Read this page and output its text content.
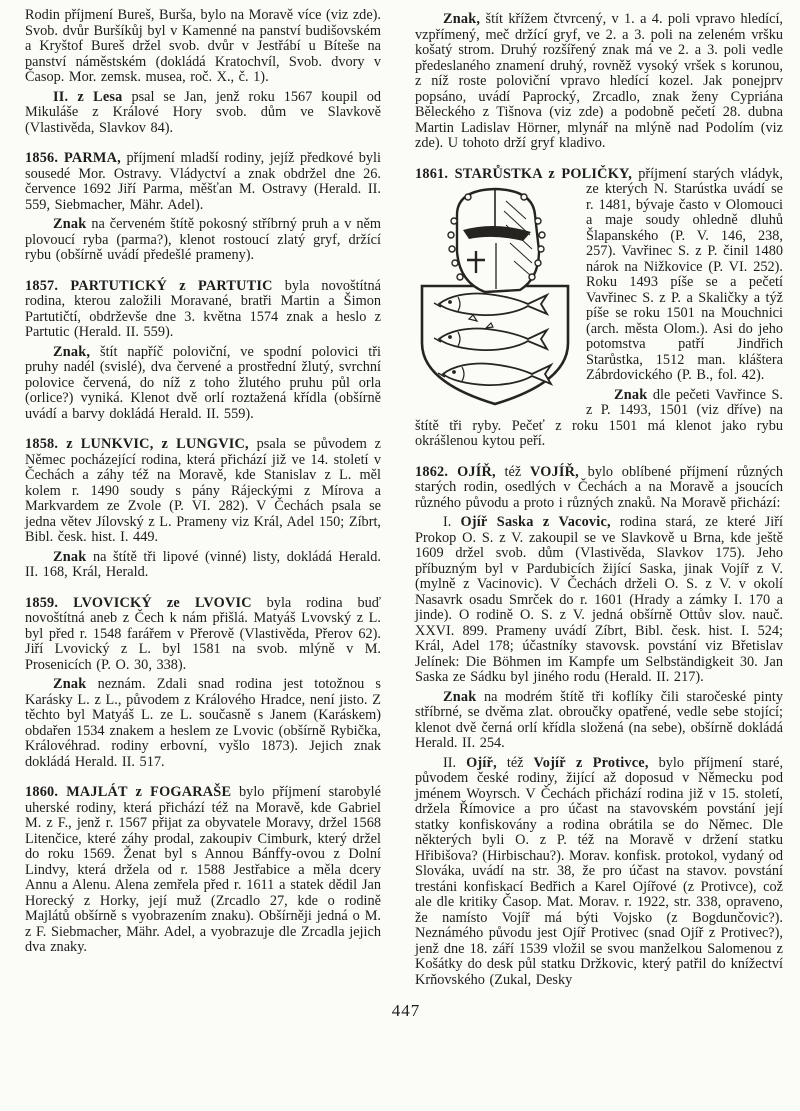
Rodin příjmení Bureš, Burša, bylo na Moravě více (viz zde). Svob. dvůr Buršíkůj byl v Kamenné na panství budišovském a Kryštof Bureš držel svob. dvůr v Jestřábí u Bíteše na panství náměstském (dokládá Kratochvíl, Svob. dvory v Časop. Mor. zemsk. musea, roč. X., č. 1).

II. z Lesa psal se Jan, jenž roku 1567 koupil od Mikuláše z Králové Hory svob. dům ve Slavkově (Vlastivěda, Slavkov 84).

1856. PARMA, příjmení mladší rodiny, jejíž předkové byli sousedé Mor. Ostravy. Vládyctví a znak obdržel dne 26. července 1692 Jiří Parma, měšťan M. Ostravy (Herald. II. 559, Siebmacher, Mähr. Adel).

Znak na červeném štítě pokosný stříbrný pruh a v něm plovoucí ryba (parma?), klenot rostoucí zlatý gryf, držící rybu (obšírně uvádí předešlé prameny).

1857. PARTUTICKÝ z PARTUTIC byla novoštítná rodina, kterou založili Moravané, bratři Martin a Šimon Partutičtí, obdrževše dne 3. května 1574 znak a heslo z Partutic (Herald. II. 559).

Znak, štít napříč poloviční, ve spodní polovici tři pruhy nadél (svislé), dva červené a prostřední žlutý, svrchní polovice červená, do níž z toho žlutého pruhu půl orla (orlice?) vyniká. Klenot dvě orlí roztažená křídla (obšírně uvádí a barvy dokládá Herald. II. 559).

1858. z LUNKVIC, z LUNGVIC, psala se původem z Němec pocházející rodina, která přichází již ve 14. století v Čechách a záhy též na Moravě, kde Stanislav z L. měl kolem r. 1490 soudy s pány Rájeckými z Mírova a Markvardem ze Zvole (P. VI. 282). V Čechách psala se jedna větev Jílovský z L. Prameny viz Král, Adel 150; Zíbrt, Bibl. česk. hist. I. 449.

Znak na štítě tři lipové (vinné) listy, dokládá Herald. II. 168, Král, Herald.

1859. LVOVICKÝ ze LVOVIC byla rodina buď novoštítná aneb z Čech k nám přišlá. Matyáš Lvovský z L. byl před r. 1548 farářem v Přerově (Vlastivěda, Přerov 62). Jiří Lvovický z L. byl 1581 na svob. mlýně v M. Prosenicích (P. O. 30, 338).

Znak neznám. Zdali snad rodina jest totožnou s Karásky L. z L., původem z Králového Hradce, není jisto. Z těchto byl Matyáš L. ze L. současně s Janem (Karáskem) obdařen 1534 znakem a heslem ze Lvovic (obšírně Rybička, Královéhrad. rodiny erbovní, vyšlo 1873). Jejich znak dokládá Herald. II. 517.

1860. MAJLÁT z FOGARAŠE bylo příjmení starobylé uherské rodiny, která přichází též na Moravě, kde Gabriel M. z F., jenž r. 1567 přijat za obyvatele Moravy, držel 1568 Litenčice, které záhy prodal, zakoupiv Cimburk, který držel do roku 1569. Ženat byl s Annou Bánffy-ovou z Dolní Lindvy, která držela od r. 1588 Jestřabice a měla dcery Annu a Alenu. Alena zemřela před r. 1611 a statek dědil Jan Horecký z Horky, její muž (Zrcadlo 27, kde o rodině Majlátů obšírně s vyobrazením znaku). Obšírněji jedná o M. z F. Siebmacher, Mähr. Adel, a vyobrazuje dle Zrcadla jejich dva znaky.

Znak, štít křížem čtvrcený, v 1. a 4. poli vpravo hledící, vzpřímený, meč držící gryf, ve 2. a 3. poli na zeleném vršku košatý strom. Druhý rozšířený znak má ve 2. a 3. poli vedle předeslaného znamení druhý, rovněž vysoký vršek s korunou, z níž roste poloviční vpravo hledící kozel. Jak ponejprv popsáno, uvádí Paprocký, Zrcadlo, znak ženy Cypriána Běleckého z Tišnova (viz zde) a podobně pečetí 28. dubna Martin Ladislav Hörner, mlynář na mlýně nad Podolím (viz zde). U tohoto drží gryf kladivo.

1861. STARŮSTKA z POLIČKY, příjmení starých
vládyk, ze kterých N. Starústka uvádí se r. 1481, bývaje často v Olomouci a maje soudy ohledně dluhů Šlapanského (P. V. 146, 238, 257). Vavřinec S. z P. činil 1480 nárok na Nižkovice (P. VI. 252). Roku 1493 píše se a pečetí Vavřinec S. z P. a Skaličky a týž píše se roku 1501 na Mouchnici (arch. města Olom.). Asi do jeho potomstva patří Jindřich Starůstka, 1512 man. kláštera Zábrdovického (P. B., fol. 42).

Znak dle pečeti Vavřince S. z P. 1493, 1501 (viz dříve) na štítě tři ryby. Pečeť z roku 1501 má klenot jako rybu okrášlenou kytou peří.

1862. OJÍŘ, též VOJÍŘ, bylo oblíbené příjmení různých starých rodin, osedlých v Čechách a na Moravě a jsoucích různého původu a proto i různých znaků. Na Moravě přichází:

I. Ojíř Saska z Vacovic, rodina stará, ze které Jiří Prokop O. S. z V. zakoupil se ve Slavkově u Brna, kde ještě 1609 držel svob. dům (Vlastivěda, Slavkov 175). Jeho příbuzným byl v Pardubicích žijící Saska, jinak Vojíř z V. (mylně z Vacinovic). V Čechách drželi O. S. z V. v okolí Nasavrk osadu Smrček do r. 1601 (Hrady a zámky I. 170 a jinde). O rodině O. S. z V. jedná obšírně Ottův slov. nauč. XXVI. 899. Prameny uvádí Zíbrt, Bibl. česk. hist. I. 524; Král, Adel 178; účastníky stavovsk. povstání viz Břetislav Jelínek: Die Böhmen im Kampfe um Selbständigkeit 30. Jan Saska ze Sádku byl jiného rodu (Herald. II. 217).

Znak na modrém štítě tři koflíky čili staročeské pinty stříbrné, se dvěma zlat. obroučky opatřené, vedle sebe stojící; klenot dvě černá orlí křídla složená (na sebe), obšírně dokládá Herald. II. 254.

II. Ojíř, též Vojíř z Protivce, bylo příjmení staré, původem české rodiny, žijící až doposud v Německu pod jménem Woyrsch. V Čechách přichází rodina již v 15. století, držela Římovice a pro účast na stavovském povstání její statky konfiskovány a rodina obrátila se do Němec. Dle některých byli O. z P. též na Moravě v držení statku Hřibišova? (Hirbischau?). Morav. konfisk. protokol, vydaný od Slováka, uvádí na str. 38, že pro účast na stavov. povstání trestáni konfiskací Bedřich a Karel Ojířové (z Protivce), což ale dle kritiky Časop. Mat. Morav. r. 1922, str. 338, opraveno, že namísto Vojíř má býti Vojsko (z Bogdunčovic?). Neznámého původu jest Ojíř Protivec (snad Ojíř z Protivec?), jenž dne 18. září 1539 vložil se svou manželkou Salomenou z Košátky do desk půl statku Držkovic, který patřil do knížectví Krňovského (Zukal, Desky

447
